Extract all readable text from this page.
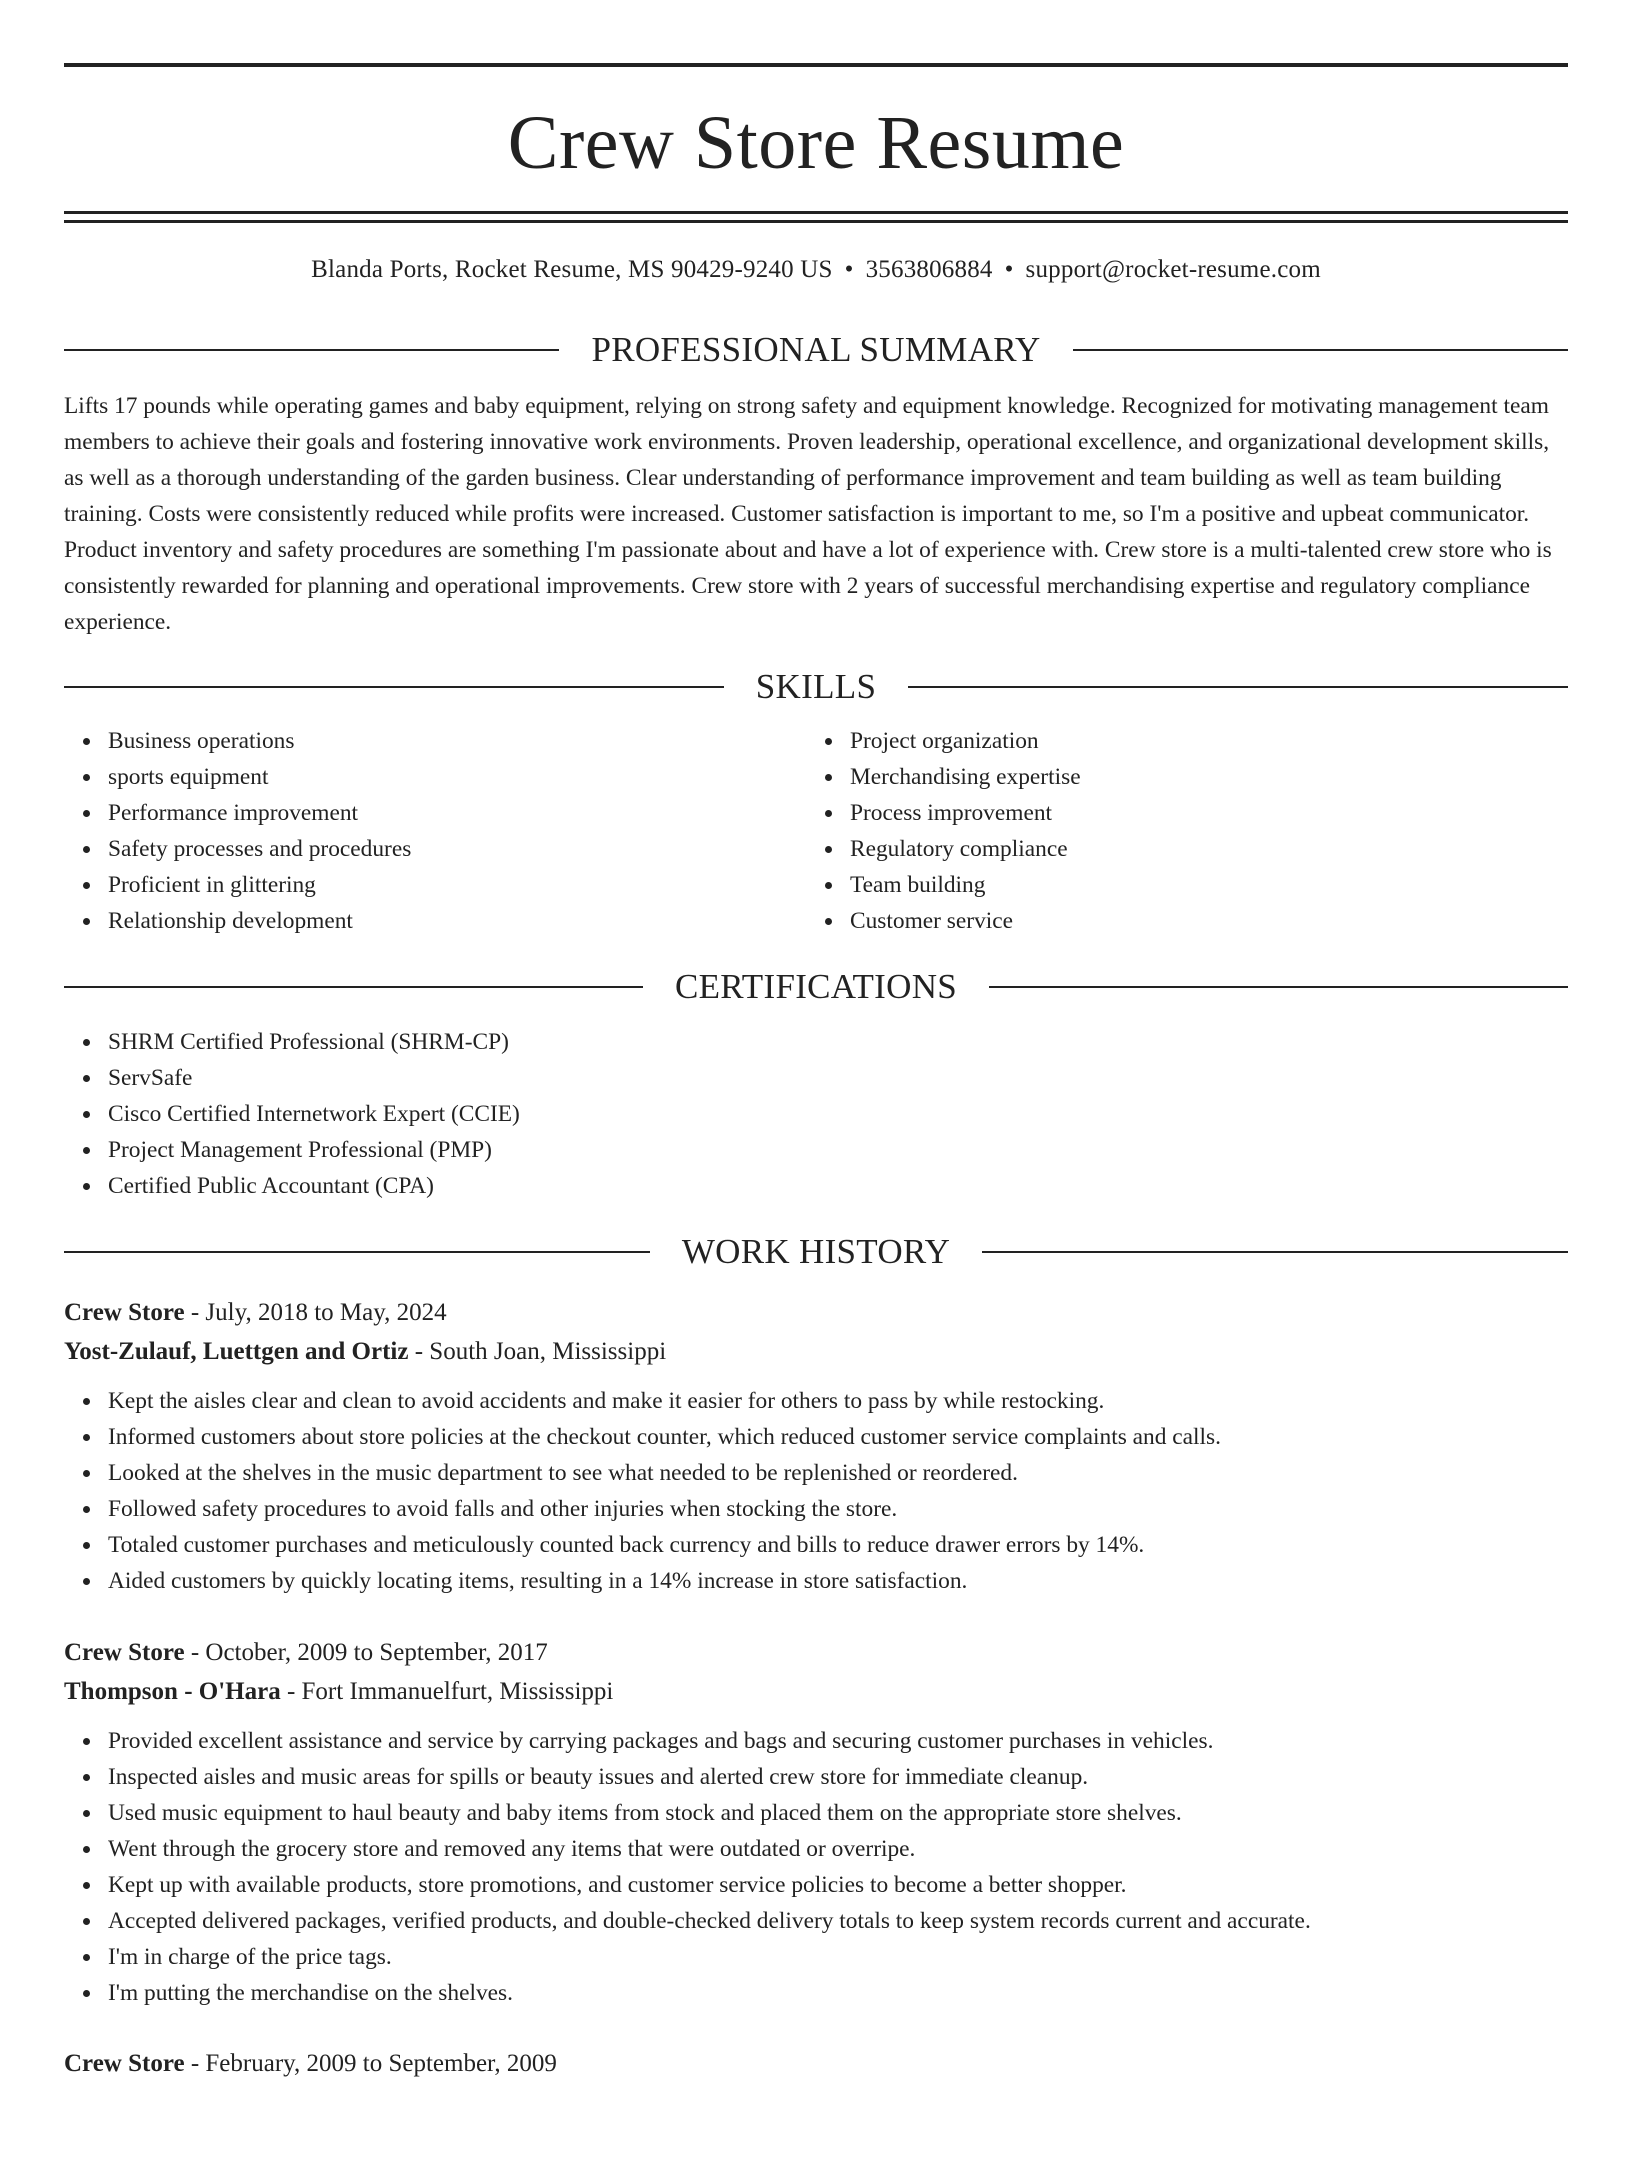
Crew Store Resume
Blanda Ports, Rocket Resume, MS 90429-9240 US • 3563806884 • support@rocket-resume.com
PROFESSIONAL SUMMARY
Lifts 17 pounds while operating games and baby equipment, relying on strong safety and equipment knowledge. Recognized for motivating management team members to achieve their goals and fostering innovative work environments. Proven leadership, operational excellence, and organizational development skills, as well as a thorough understanding of the garden business. Clear understanding of performance improvement and team building as well as team building training. Costs were consistently reduced while profits were increased. Customer satisfaction is important to me, so I'm a positive and upbeat communicator. Product inventory and safety procedures are something I'm passionate about and have a lot of experience with. Crew store is a multi-talented crew store who is consistently rewarded for planning and operational improvements. Crew store with 2 years of successful merchandising expertise and regulatory compliance experience.
SKILLS
Business operations
sports equipment
Performance improvement
Safety processes and procedures
Proficient in glittering
Relationship development
Project organization
Merchandising expertise
Process improvement
Regulatory compliance
Team building
Customer service
CERTIFICATIONS
SHRM Certified Professional (SHRM-CP)
ServSafe
Cisco Certified Internetwork Expert (CCIE)
Project Management Professional (PMP)
Certified Public Accountant (CPA)
WORK HISTORY
Crew Store - July, 2018 to May, 2024
Yost-Zulauf, Luettgen and Ortiz - South Joan, Mississippi
Kept the aisles clear and clean to avoid accidents and make it easier for others to pass by while restocking.
Informed customers about store policies at the checkout counter, which reduced customer service complaints and calls.
Looked at the shelves in the music department to see what needed to be replenished or reordered.
Followed safety procedures to avoid falls and other injuries when stocking the store.
Totaled customer purchases and meticulously counted back currency and bills to reduce drawer errors by 14%.
Aided customers by quickly locating items, resulting in a 14% increase in store satisfaction.
Crew Store - October, 2009 to September, 2017
Thompson - O'Hara - Fort Immanuelfurt, Mississippi
Provided excellent assistance and service by carrying packages and bags and securing customer purchases in vehicles.
Inspected aisles and music areas for spills or beauty issues and alerted crew store for immediate cleanup.
Used music equipment to haul beauty and baby items from stock and placed them on the appropriate store shelves.
Went through the grocery store and removed any items that were outdated or overripe.
Kept up with available products, store promotions, and customer service policies to become a better shopper.
Accepted delivered packages, verified products, and double-checked delivery totals to keep system records current and accurate.
I'm in charge of the price tags.
I'm putting the merchandise on the shelves.
Crew Store - February, 2009 to September, 2009
